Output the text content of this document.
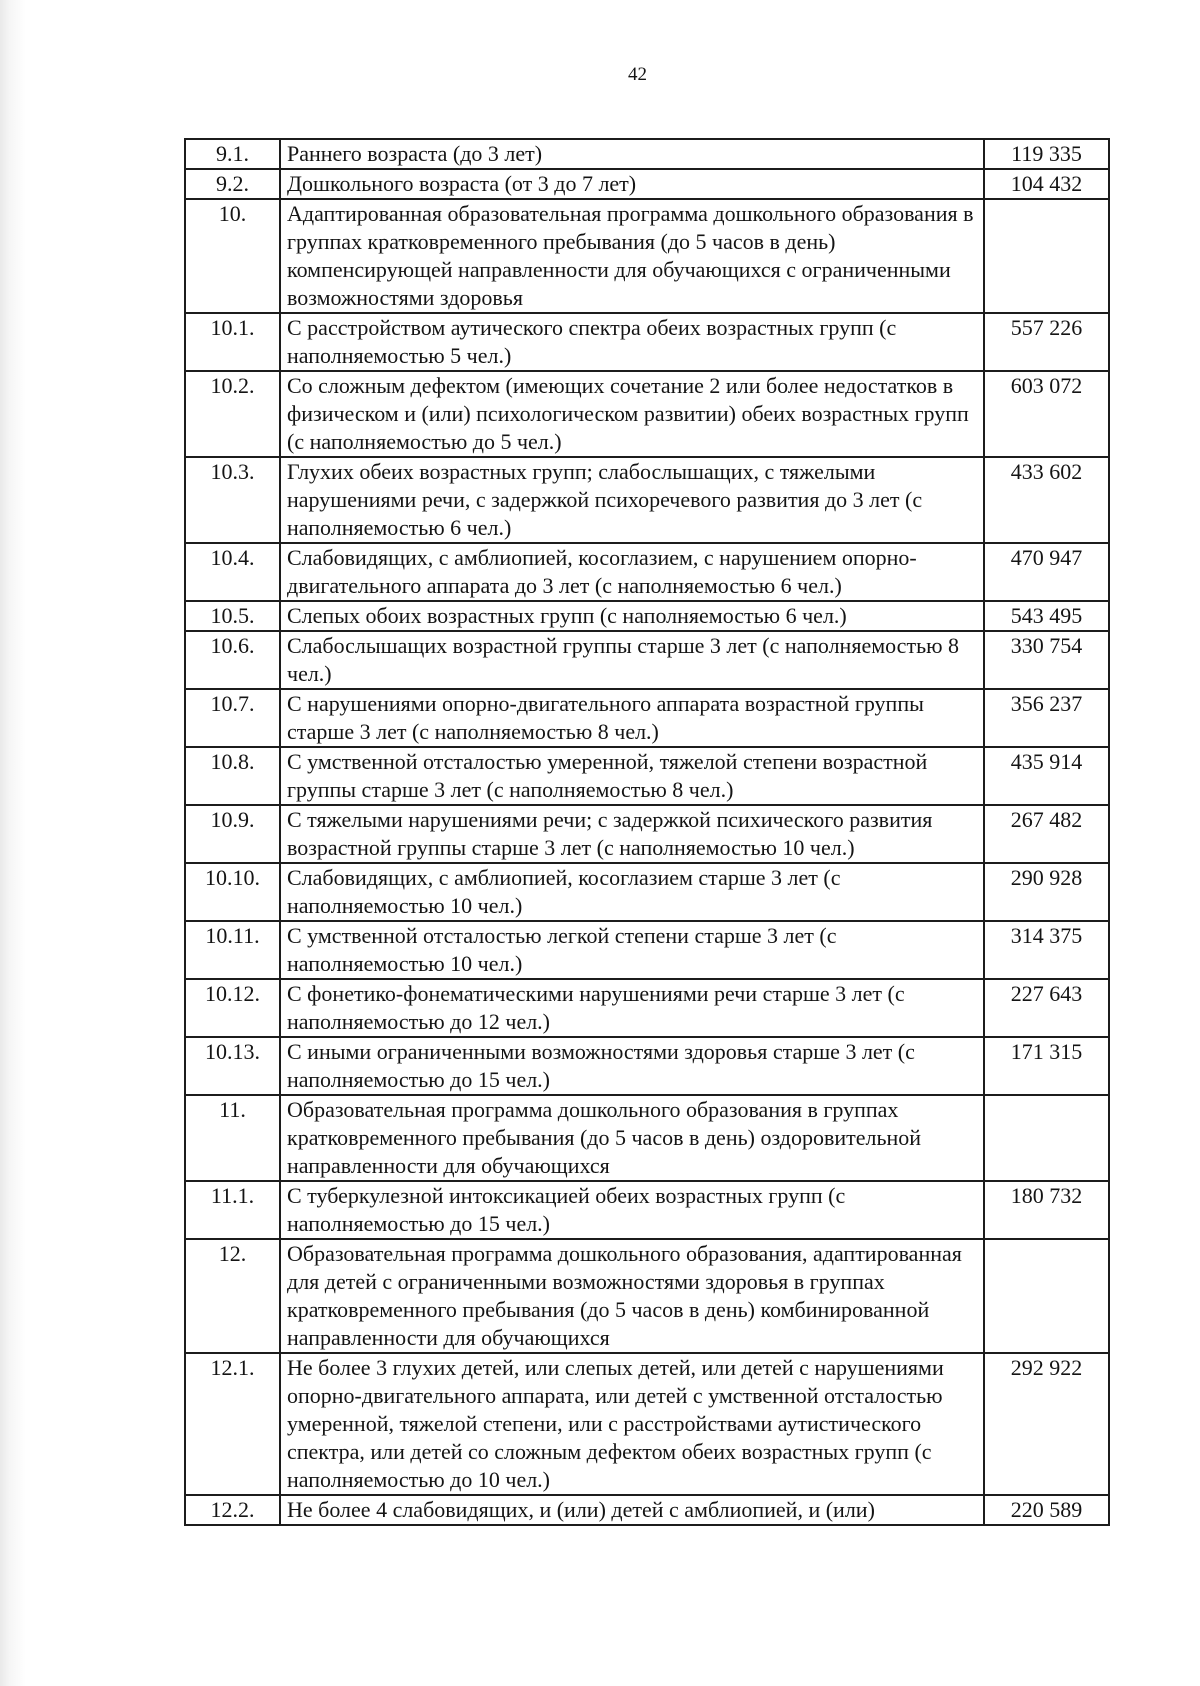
42
9.1.	Раннего возраста (до 3 лет)	119 335
9.2.	Дошкольного возраста (от 3 до 7 лет)	104 432
10.	Адаптированная образовательная программа дошкольного образования в группах кратковременного пребывания (до 5 часов в день) компенсирующей направленности для обучающихся с ограниченными возможностями здоровья	
10.1.	С расстройством аутического спектра обеих возрастных групп (с наполняемостью 5 чел.)	557 226
10.2.	Со сложным дефектом (имеющих сочетание 2 или более недостатков в физическом и (или) психологическом развитии) обеих возрастных групп (с наполняемостью до 5 чел.)	603 072
10.3.	Глухих обеих возрастных групп; слабослышащих, с тяжелыми нарушениями речи, с задержкой психоречевого развития до 3 лет (с наполняемостью 6 чел.)	433 602
10.4.	Слабовидящих, с амблиопией, косоглазием, с нарушением опорно-двигательного аппарата до 3 лет (с наполняемостью 6 чел.)	470 947
10.5.	Слепых обоих возрастных групп (с наполняемостью 6 чел.)	543 495
10.6.	Слабослышащих возрастной группы старше 3 лет (с наполняемостью 8 чел.)	330 754
10.7.	С нарушениями опорно-двигательного аппарата возрастной группы старше 3 лет (с наполняемостью 8 чел.)	356 237
10.8.	С умственной отсталостью умеренной, тяжелой степени возрастной группы старше 3 лет (с наполняемостью 8 чел.)	435 914
10.9.	С тяжелыми нарушениями речи; с задержкой психического развития возрастной группы старше 3 лет (с наполняемостью 10 чел.)	267 482
10.10.	Слабовидящих, с амблиопией, косоглазием старше 3 лет (с наполняемостью 10 чел.)	290 928
10.11.	С умственной отсталостью легкой степени старше 3 лет (с наполняемостью 10 чел.)	314 375
10.12.	С фонетико-фонематическими нарушениями речи старше 3 лет (с наполняемостью до 12 чел.)	227 643
10.13.	С иными ограниченными возможностями здоровья старше 3 лет (с наполняемостью до 15 чел.)	171 315
11.	Образовательная программа дошкольного образования в группах кратковременного пребывания (до 5 часов в день) оздоровительной направленности для обучающихся	
11.1.	С туберкулезной интоксикацией обеих возрастных групп (с наполняемостью до 15 чел.)	180 732
12.	Образовательная программа дошкольного образования, адаптированная для детей с ограниченными возможностями здоровья в группах кратковременного пребывания (до 5 часов в день) комбинированной направленности для обучающихся	
12.1.	Не более 3 глухих детей, или слепых детей, или детей с нарушениями опорно-двигательного аппарата, или детей с умственной отсталостью умеренной, тяжелой степени, или с расстройствами аутистического спектра, или детей со сложным дефектом обеих возрастных групп (с наполняемостью до 10 чел.)	292 922
12.2.	Не более 4 слабовидящих, и (или) детей с амблиопией, и (или)	220 589
